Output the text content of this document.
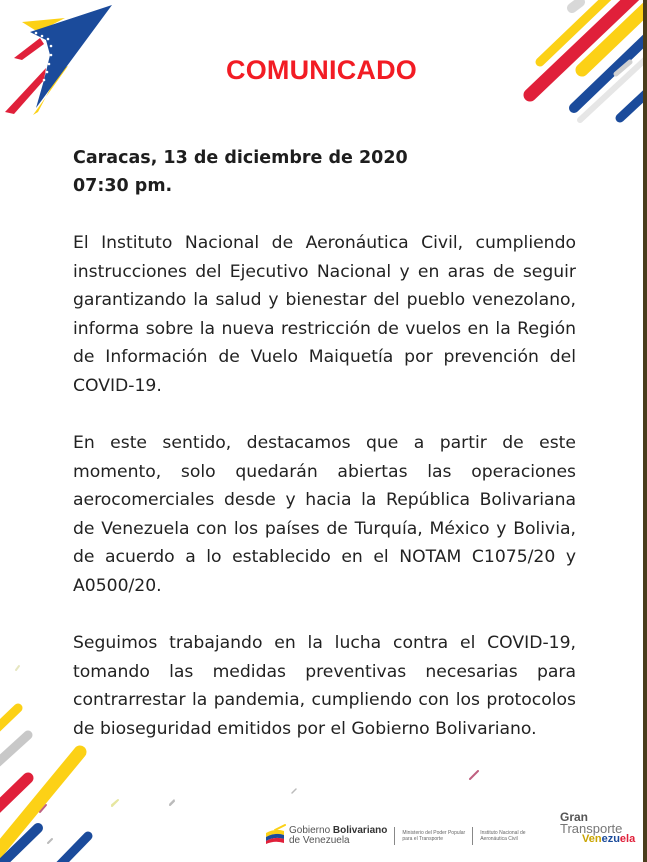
COMUNICADO
Caracas, 13 de diciembre de 2020
07:30 pm.
El Instituto Nacional de Aeronáutica Civil, cumpliendo instrucciones del Ejecutivo Nacional y en aras de seguir garantizando la salud y bienestar del pueblo venezolano, informa sobre la nueva restricción de vuelos en la Región de Información de Vuelo Maiquetía por prevención del COVID-19.
En este sentido, destacamos que a partir de este momento, solo quedarán abiertas las operaciones aerocomerciales desde y hacia la República Bolivariana de Venezuela con los países de Turquía, México y Bolivia, de acuerdo a lo establecido en el NOTAM C1075/20 y A0500/20.
Seguimos trabajando en la lucha contra el COVID-19, tomando las medidas preventivas necesarias para contrarrestar la pandemia, cumpliendo con los protocolos de bioseguridad emitidos por el Gobierno Bolivariano.
Gobierno Bolivariano
de Venezuela
Ministerio del Poder Popular
para el Transporte
Instituto Nacional de
Aeronáutica Civil
Gran
Transporte
Venezuela
